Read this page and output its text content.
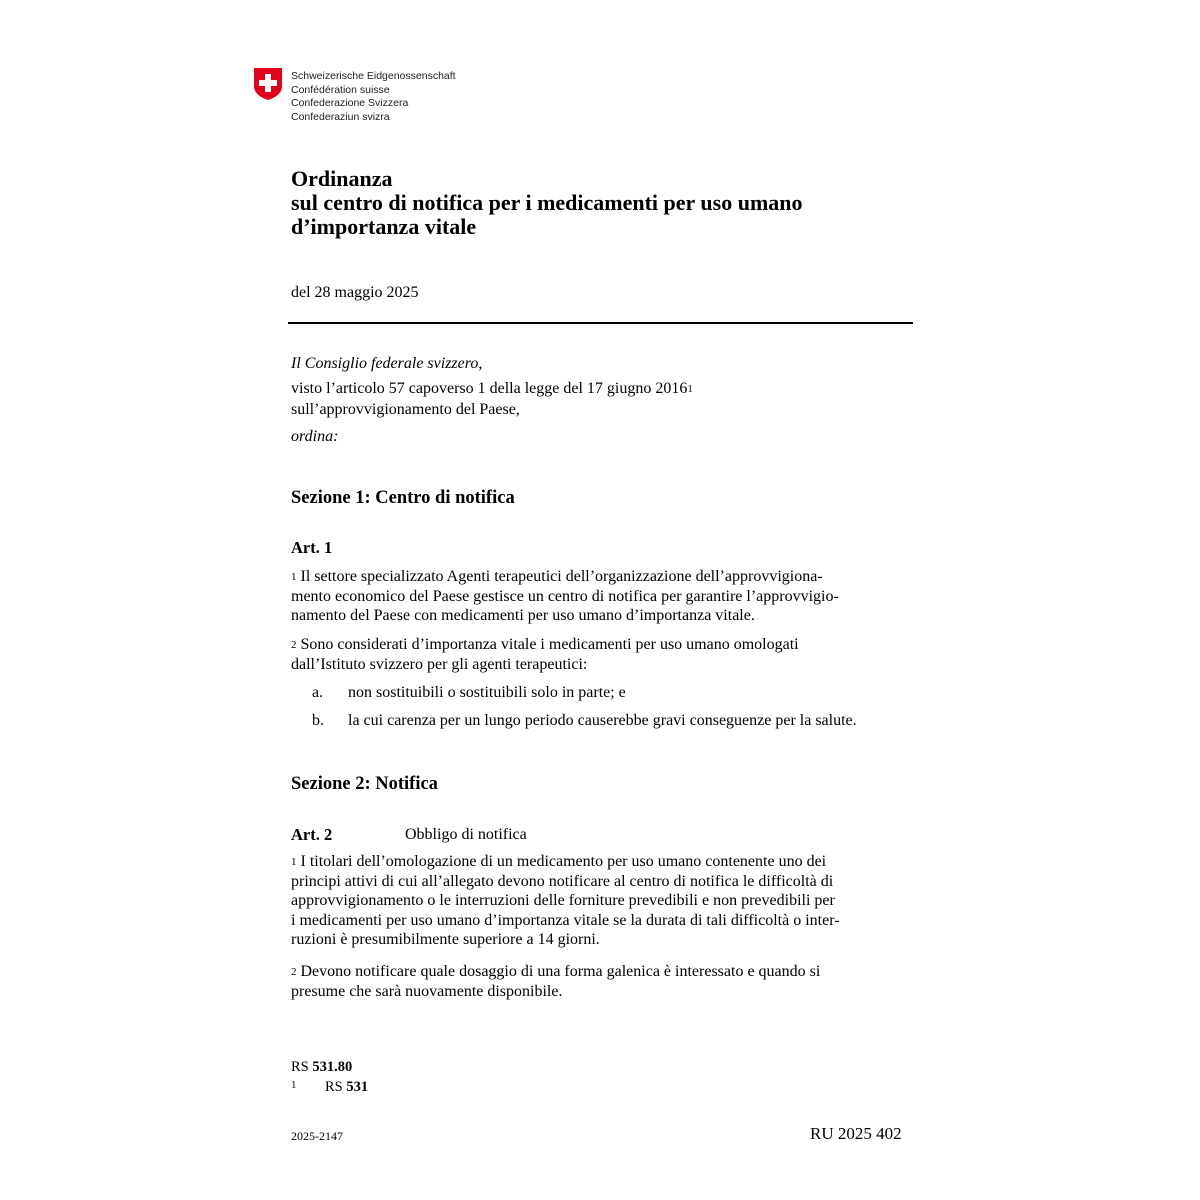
Schweizerische Eidgenossenschaft
Confédération suisse
Confederazione Svizzera
Confederaziun svizra
Ordinanza
sul centro di notifica per i medicamenti per uso umano
d’importanza vitale
del 28 maggio 2025
Il Consiglio federale svizzero,
visto l’articolo 57 capoverso 1 della legge del 17 giugno 2016$^1$
sull’approvvigionamento del Paese,
ordina:
Sezione 1: Centro di notifica
Art. 1
$^1$ Il settore specializzato Agenti terapeutici dell’organizzazione dell’approvvigiona-
mento economico del Paese gestisce un centro di notifica per garantire l’approvvigio-
namento del Paese con medicamenti per uso umano d’importanza vitale.
$^2$ Sono considerati d’importanza vitale i medicamenti per uso umano omologati
dall’Istituto svizzero per gli agenti terapeutici:
a. non sostituibili o sostituibili solo in parte; e
b. la cui carenza per un lungo periodo causerebbe gravi conseguenze per la salute.
Sezione 2: Notifica
Art. 2	Obbligo di notifica
$^1$ I titolari dell’omologazione di un medicamento per uso umano contenente uno dei
principi attivi di cui all’allegato devono notificare al centro di notifica le difficoltà di
approvvigionamento o le interruzioni delle forniture prevedibili e non prevedibili per
i medicamenti per uso umano d’importanza vitale se la durata di tali difficoltà o inter-
ruzioni è presumibilmente superiore a 14 giorni.
$^2$ Devono notificare quale dosaggio di una forma galenica è interessato e quando si
presume che sarà nuovamente disponibile.
RS 531.80
1 RS 531
2025-2147	RU 2025 402
